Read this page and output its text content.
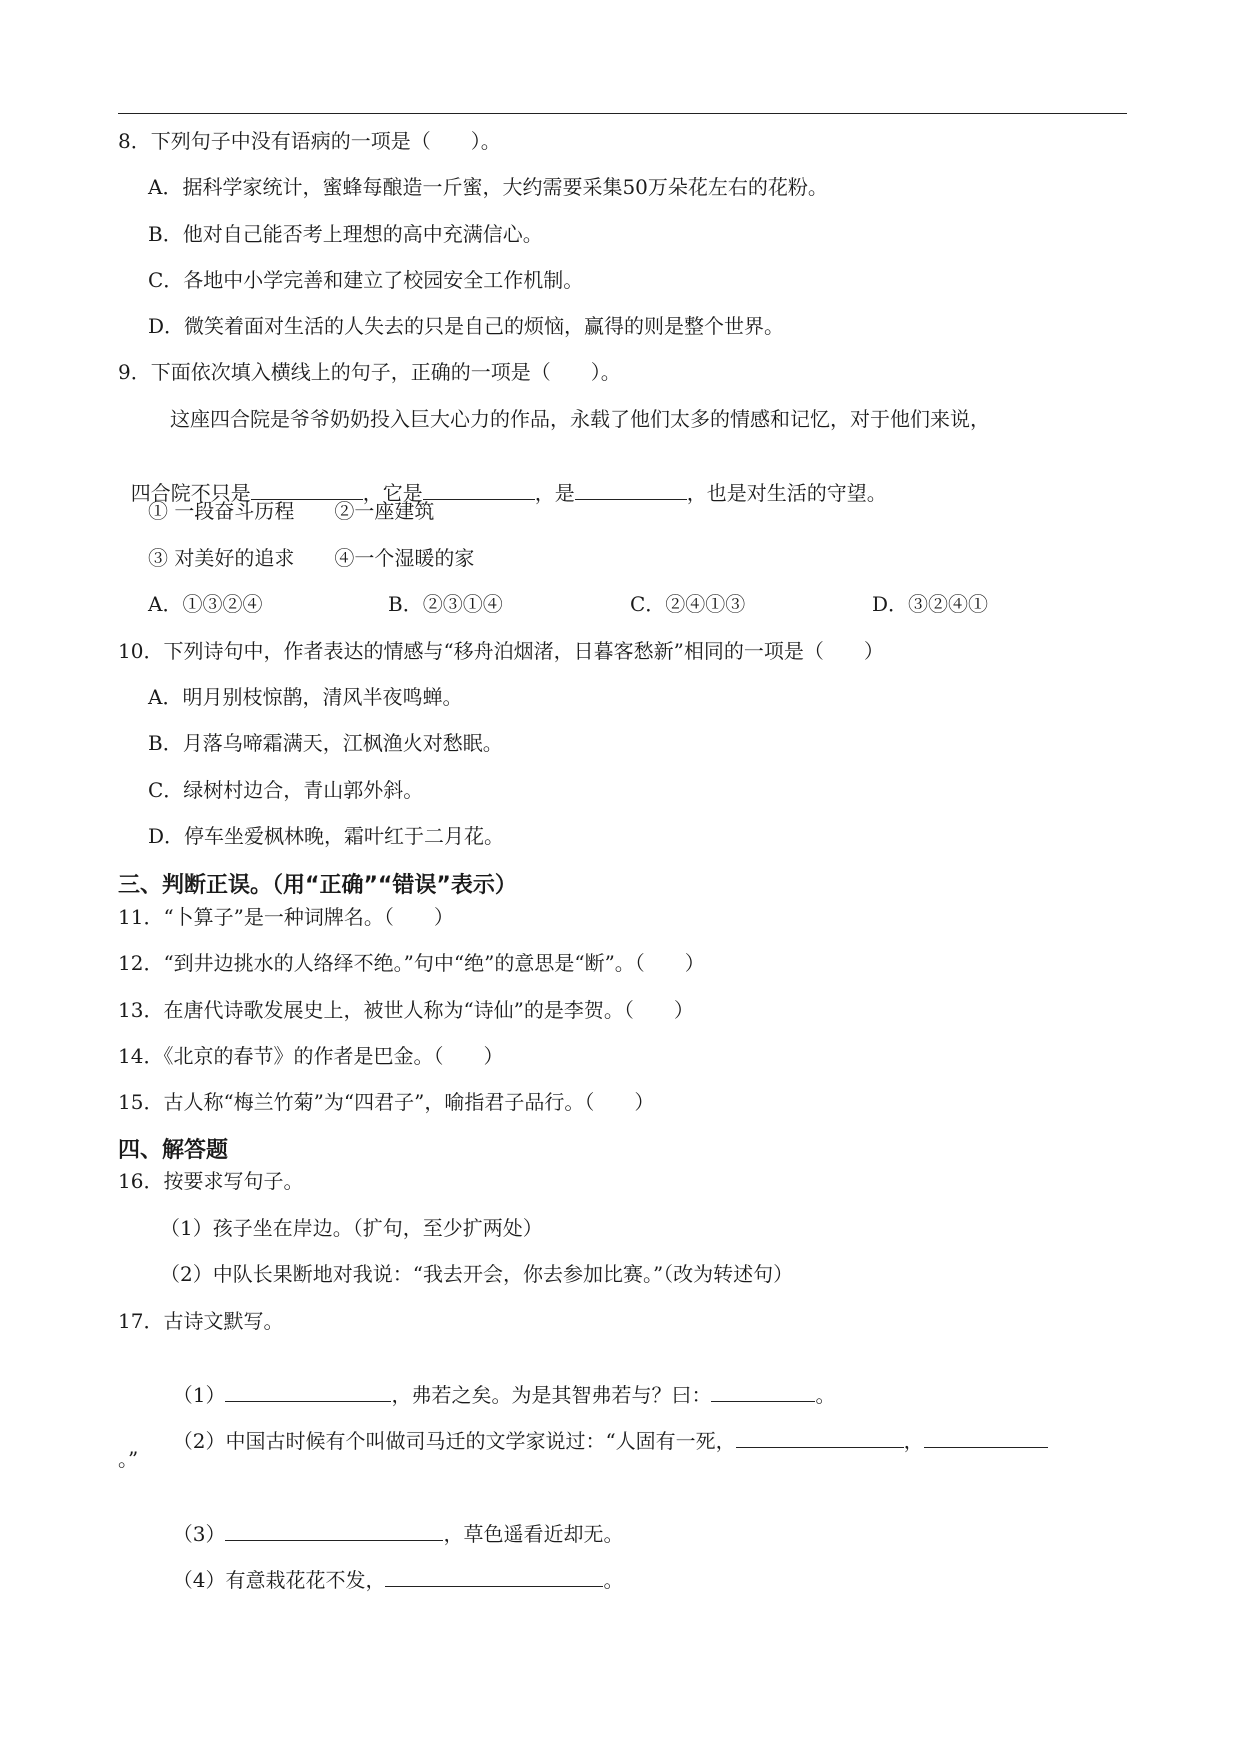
8．下列句子中没有语病的一项是（　　）。
A．据科学家统计，蜜蜂每酿造一斤蜜，大约需要采集50万朵花左右的花粉。
B．他对自己能否考上理想的高中充满信心。
C．各地中小学完善和建立了校园安全工作机制。
D．微笑着面对生活的人失去的只是自己的烦恼，赢得的则是整个世界。
9．下面依次填入横线上的句子，正确的一项是（　　）。
这座四合院是爷爷奶奶投入巨大心力的作品，永载了他们太多的情感和记忆，对于他们来说，

四合院不只是	，它是	，是	，也是对生活的守望。

① 一段奋斗历程　　②一座建筑
③ 对美好的追求　　④一个湿暖的家
A．①③②④	B．②③①④	C．②④①③	D．③②④①
10．下列诗句中，作者表达的情感与“移舟泊烟渚，日暮客愁新”相同的一项是（　　）
A．明月别枝惊鹊，清风半夜鸣蝉。
B．月落乌啼霜满天，江枫渔火对愁眠。
C．绿树村边合，青山郭外斜。
D．停车坐爱枫林晚，霜叶红于二月花。
三、判断正误。（用“正确”“错误”表示）
11．“卜算子”是一种词牌名。（　　）
12．“到井边挑水的人络绎不绝。”句中“绝”的意思是“断”。（　　）
13．在唐代诗歌发展史上，被世人称为“诗仙”的是李贺。（　　）
14．《北京的春节》的作者是巴金。（　　）
15．古人称“梅兰竹菊”为“四君子”，喻指君子品行。（　　）
四、解答题
16．按要求写句子。
（1）孩子坐在岸边。（扩句，至少扩两处）
（2）中队长果断地对我说：“我去开会，你去参加比赛。”（改为转述句）
17．古诗文默写。

（1）	，弗若之矣。为是其智弗若与？曰：	。

（2）中国古时候有个叫做司马迁的文学家说过：“人固有一死，	，

。”

（3）	，草色遥看近却无。

（4）有意栽花花不发，	。
